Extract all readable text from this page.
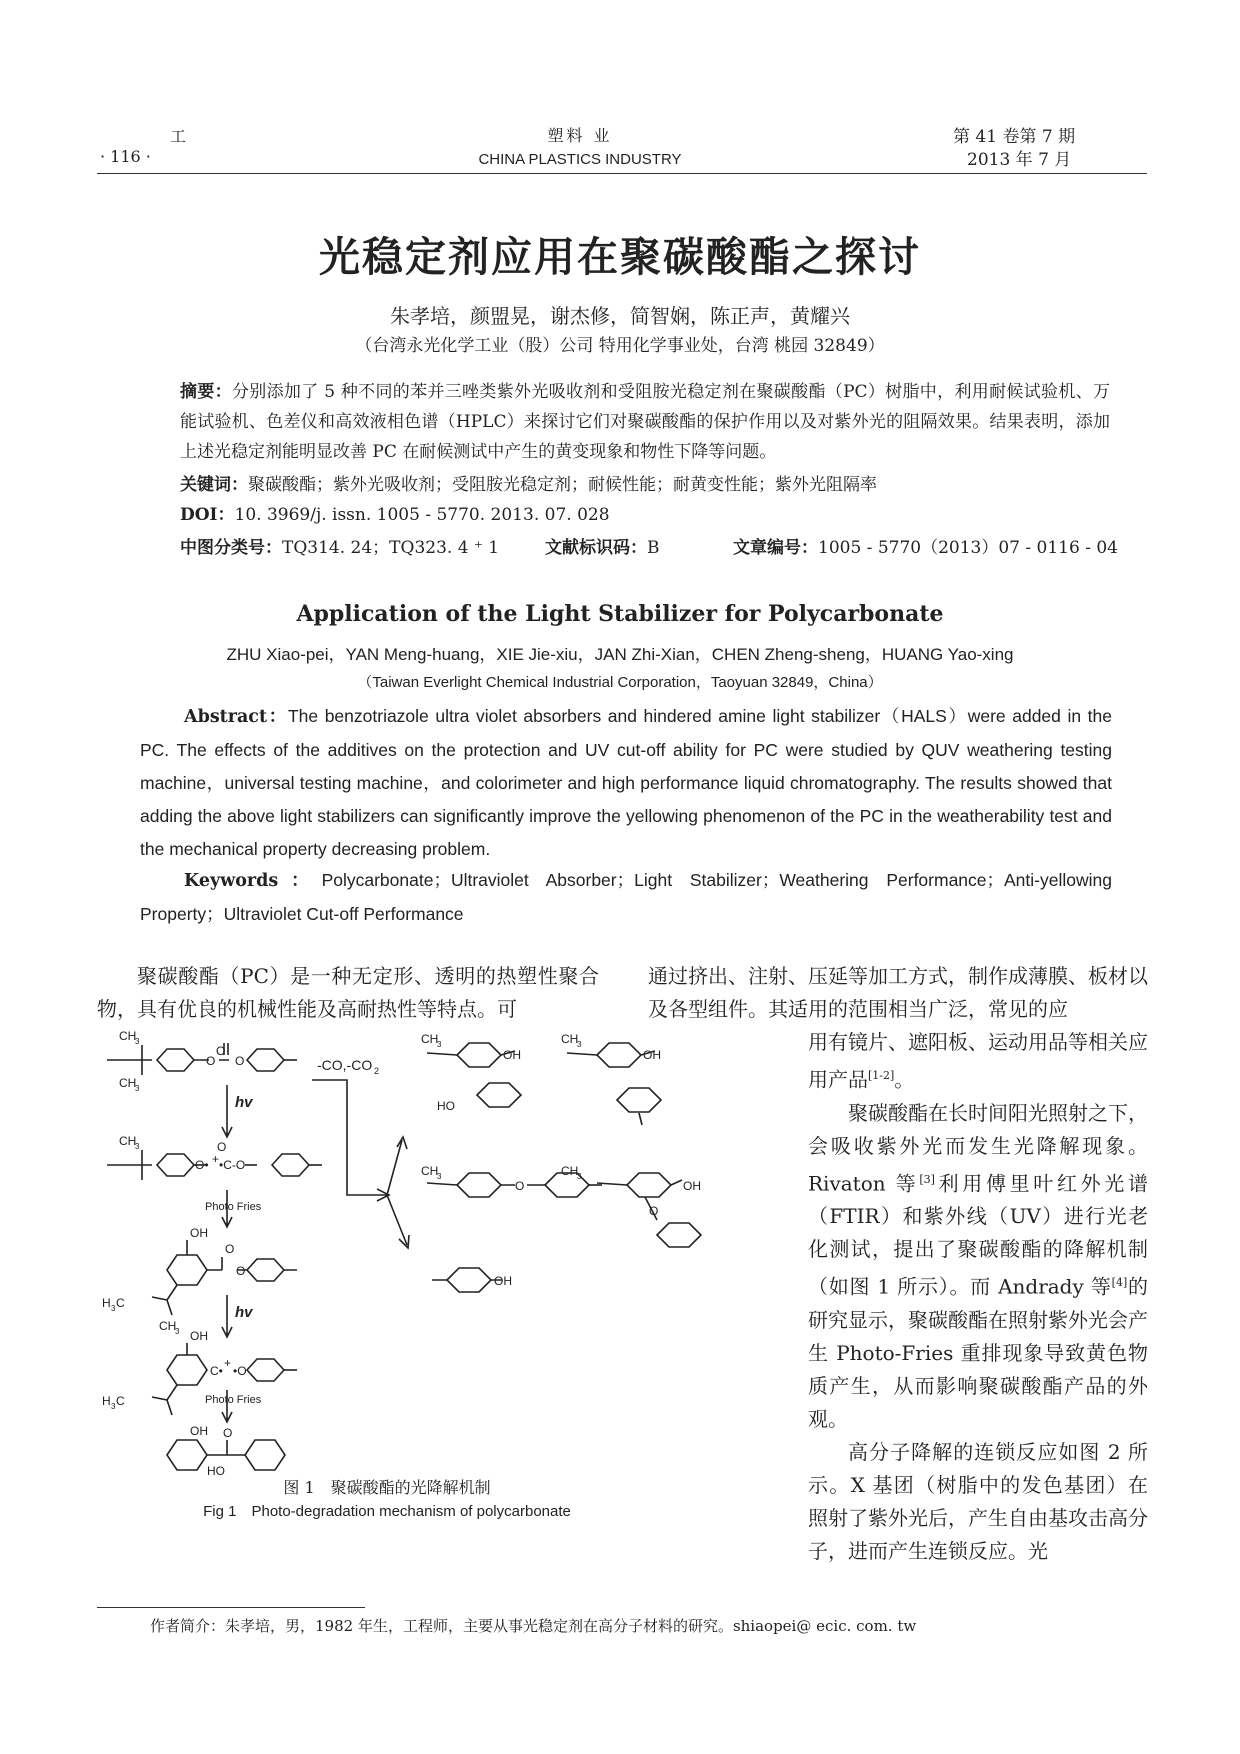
· 116 ·
工	塑料 业
CHINA PLASTICS INDUSTRY
第 41 卷第 7 期
2013 年 7 月
光稳定剂应用在聚碳酸酯之探讨
朱孝培，颜盟晃，谢杰修，简智娴，陈正声，黄耀兴
（台湾永光化学工业（股）公司 特用化学事业处，台湾 桃园 32849）
摘要：分别添加了 5 种不同的苯并三唑类紫外光吸收剂和受阻胺光稳定剂在聚碳酸酯（PC）树脂中，利用耐候试验机、万能试验机、色差仪和高效液相色谱（HPLC）来探讨它们对聚碳酸酯的保护作用以及对紫外光的阻隔效果。结果表明，添加上述光稳定剂能明显改善 PC 在耐候测试中产生的黄变现象和物性下降等问题。
关键词：聚碳酸酯；紫外光吸收剂；受阻胺光稳定剂；耐候性能；耐黄变性能；紫外光阻隔率
DOI：10. 3969/j. issn. 1005 - 5770. 2013. 07. 028
中图分类号：TQ314. 24；TQ323. 4 ⁺ 1	文献标识码：B	文章编号：1005 - 5770（2013）07 - 0116 - 04
Application of the Light Stabilizer for Polycarbonate
ZHU Xiao-pei，YAN Meng-huang，XIE Jie-xiu，JAN Zhi-Xian，CHEN Zheng-sheng，HUANG Yao-xing
（Taiwan Everlight Chemical Industrial Corporation，Taoyuan 32849，China）
Abstract：The benzotriazole ultra violet absorbers and hindered amine light stabilizer（HALS）were added in the PC. The effects of the additives on the protection and UV cut-off ability for PC were studied by QUV weathering testing machine，universal testing machine，and colorimeter and high performance liquid chromatography. The results showed that adding the above light stabilizers can significantly improve the yellowing phenomenon of the PC in the weatherability test and the mechanical property decreasing problem.
Keywords：Polycarbonate；Ultraviolet Absorber；Light Stabilizer；Weathering Performance；Anti-yellowing Property；Ultraviolet Cut-off Performance
聚碳酸酯（PC）是一种无定形、透明的热塑性聚合物，具有优良的机械性能及高耐热性等特点。可
通过挤出、注射、压延等加工方式，制作成薄膜、板材以及各型组件。其适用的范围相当广泛，常见的应
用有镜片、遮阳板、运动用品等相关应用产品[1-2]。
聚碳酸酯在长时间阳光照射之下，会吸收紫外光而发生光降解现象。Rivaton 等[3]利用傅里叶红外光谱（FTIR）和紫外线（UV）进行光老化测试，提出了聚碳酸酯的降解机制（如图 1 所示）。而 Andrady 等[4]的研究显示，聚碳酸酯在照射紫外光会产生 Photo-Fries 重排现象导致黄色物质产生，从而影响聚碳酸酯产品的外观。
高分子降解的连锁反应如图 2 所示。X 基团（树脂中的发色基团）在照射了紫外光后，产生自由基攻击高分子，进而产生连锁反应。光
CH
3
CH
3
O O
O
hv
CH
3
O• + •C-O
O
Photo Fries
OH
O
O
H 3 C
CH
3
hv
OH
C•
+
•O
H 3 C	Photo Fries
OH O
HO
-CO,-CO 2
CH
3
OH
HO
CH
3
OH
CH
3
O
CH
3
OH
O
OH
图 1　聚碳酸酯的光降解机制
Fig 1　Photo-degradation mechanism of polycarbonate
作者简介：朱孝培，男，1982 年生，工程师，主要从事光稳定剂在高分子材料的研究。shiaopei@ ecic. com. tw
